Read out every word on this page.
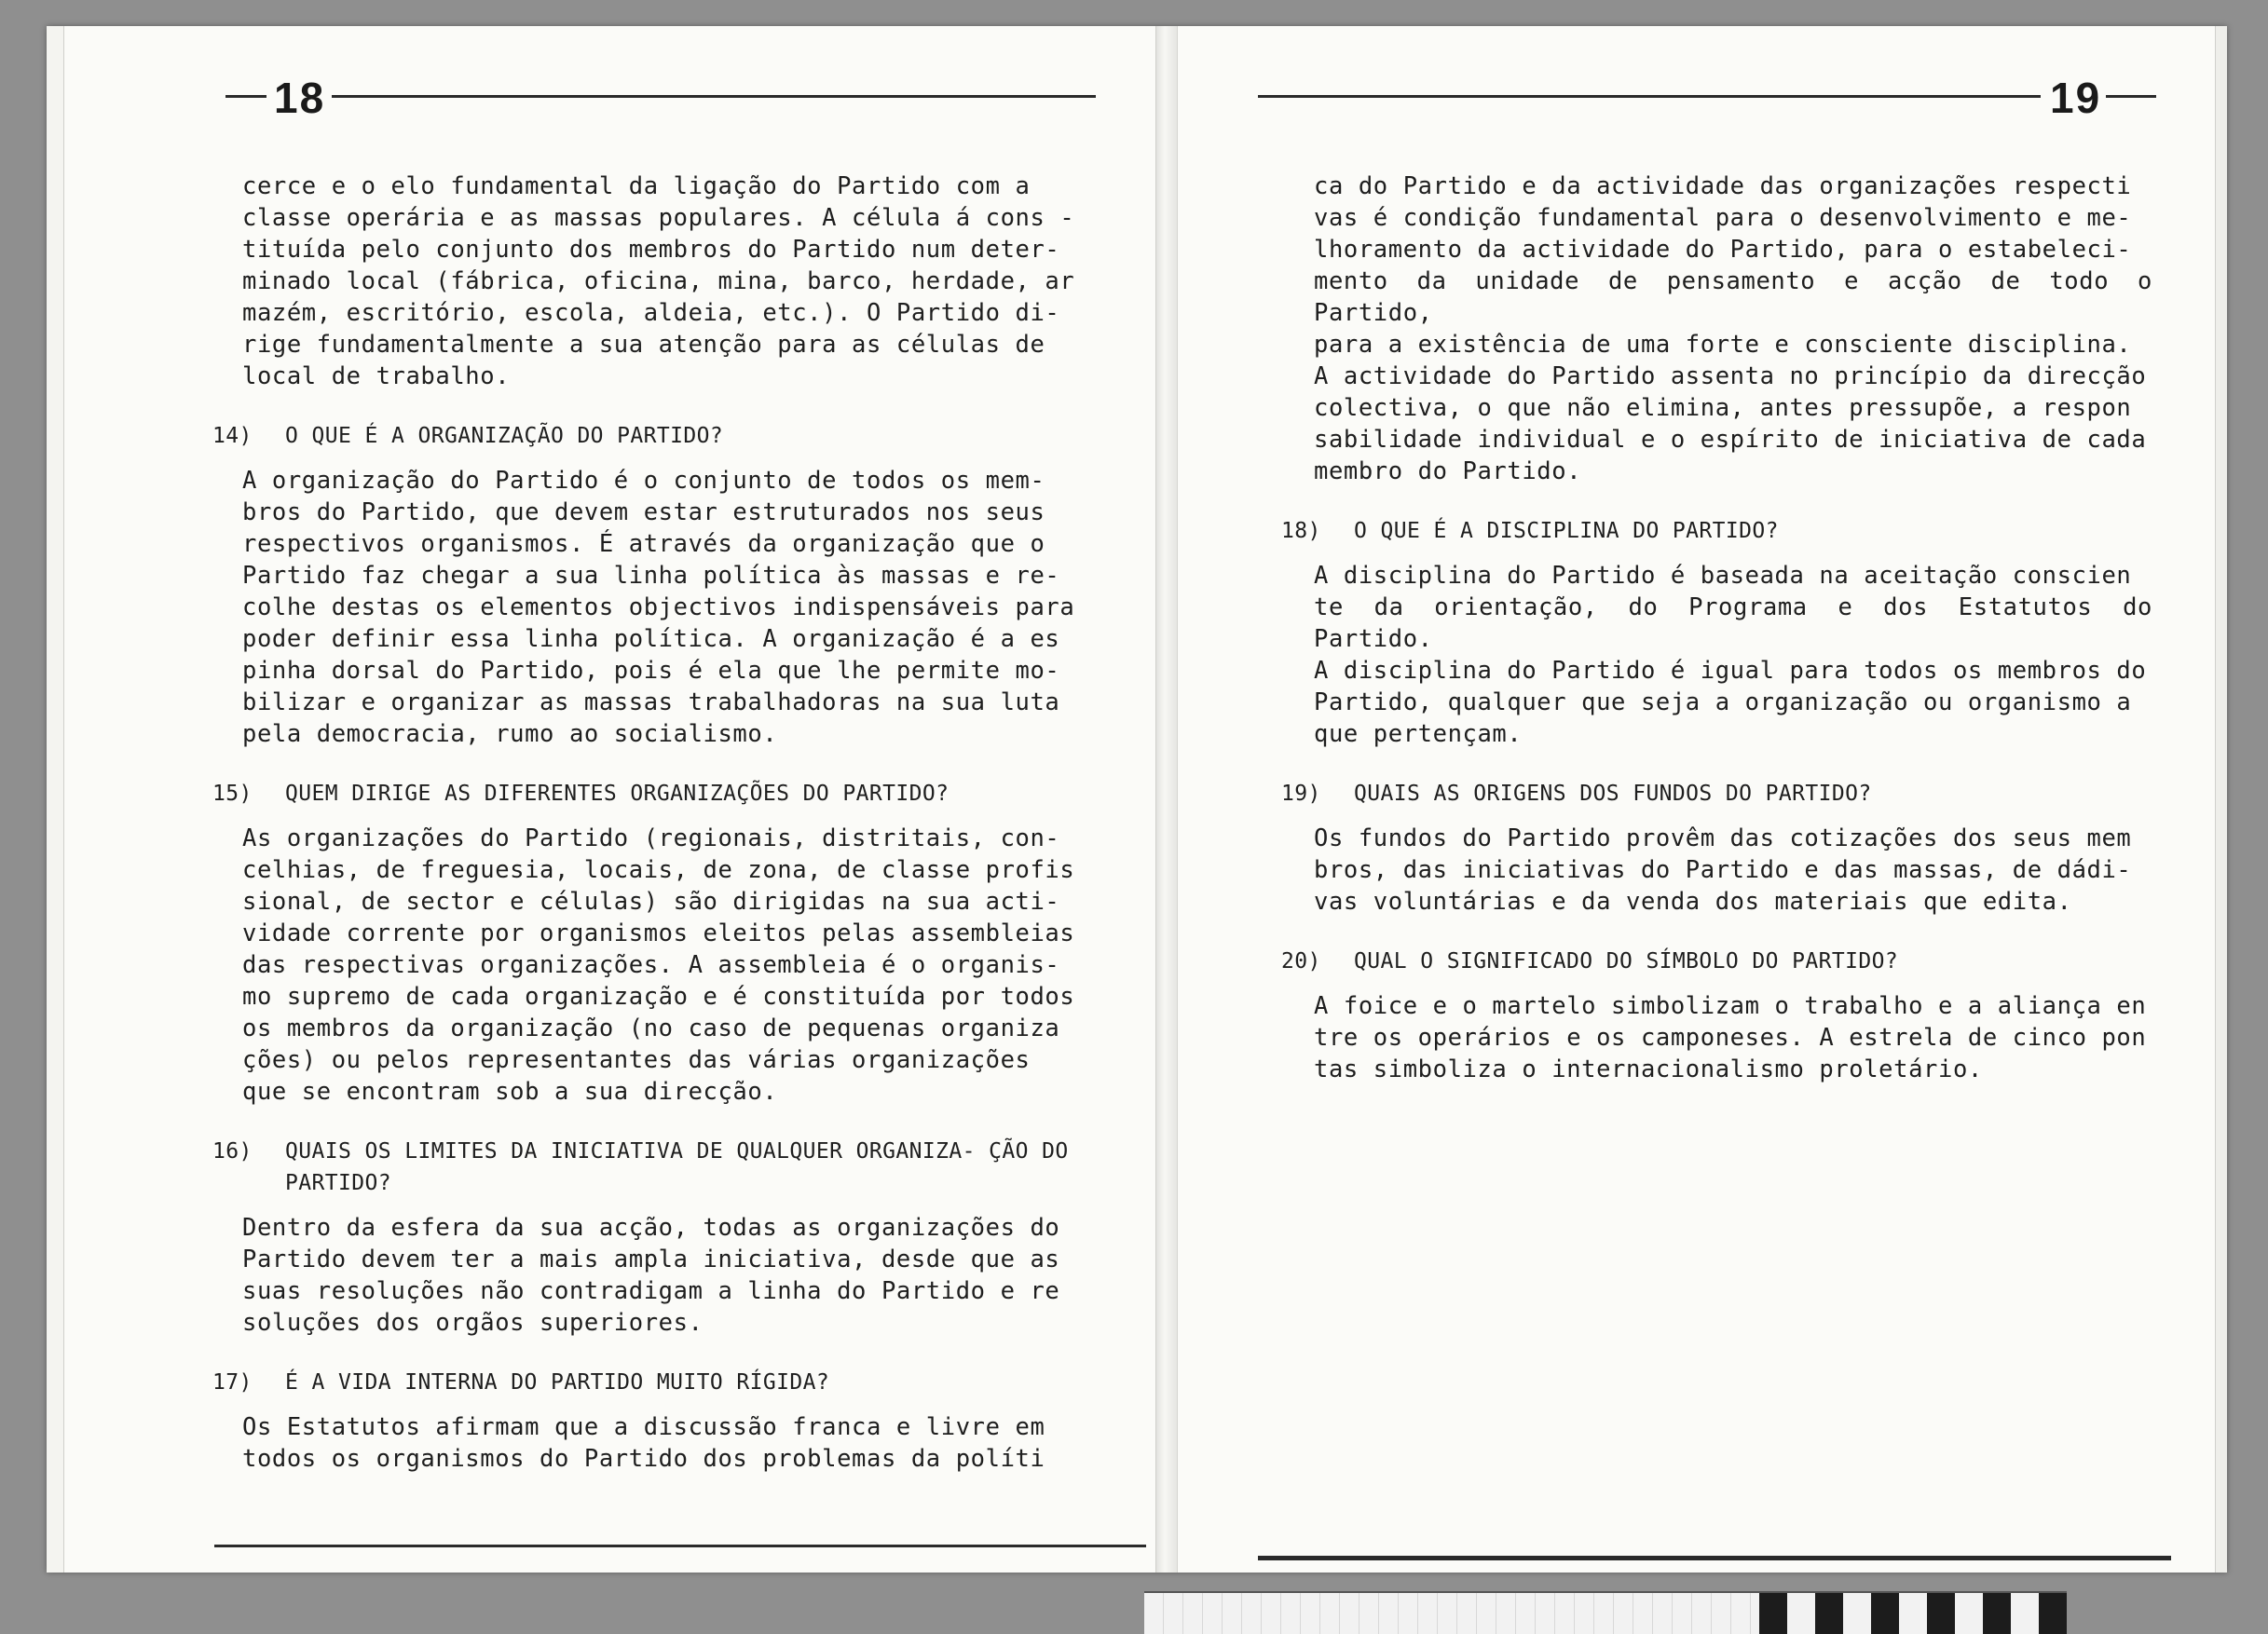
18
cerce e o elo fundamental da ligação do Partido com a
classe operária e as massas populares. A célula á cons -
tituída pelo conjunto dos membros do Partido num deter-
minado local (fábrica, oficina, mina, barco, herdade, ar
mazém, escritório, escola, aldeia, etc.). O Partido di-
rige fundamentalmente a sua atenção para as células de
local de trabalho.
14)	O QUE É A ORGANIZAÇÃO DO PARTIDO?
A organização do Partido é o conjunto de todos os mem-
bros do Partido, que devem estar estruturados nos seus
respectivos organismos. É através da organização que o
Partido faz chegar a sua linha política às massas e re-
colhe destas os elementos objectivos indispensáveis para
poder definir essa linha política. A organização é a es
pinha dorsal do Partido, pois é ela que lhe permite mo-
bilizar e organizar as massas trabalhadoras na sua luta
pela democracia, rumo ao socialismo.
15)	QUEM DIRIGE AS DIFERENTES ORGANIZAÇÕES DO PARTIDO?
As organizações do Partido (regionais, distritais, con-
celhias, de freguesia, locais, de zona, de classe profis
sional, de sector e células) são dirigidas na sua acti-
vidade corrente por organismos eleitos pelas assembleias
das respectivas organizações. A assembleia é o organis-
mo supremo de cada organização e é constituída por todos
os membros da organização (no caso de pequenas organiza
ções) ou pelos representantes das várias organizações
que se encontram sob a sua direcção.
16)	QUAIS OS LIMITES DA INICIATIVA DE QUALQUER ORGANIZA- ÇÃO DO PARTIDO?
Dentro da esfera da sua acção, todas as organizações do
Partido devem ter a mais ampla iniciativa, desde que as
suas resoluções não contradigam a linha do Partido e re
soluções dos orgãos superiores.
17)	É A VIDA INTERNA DO PARTIDO MUITO RÍGIDA?
Os Estatutos afirmam que a discussão franca e livre em
todos os organismos do Partido dos problemas da políti
19
ca do Partido e da actividade das organizações respecti
vas é condição fundamental para o desenvolvimento e me-
lhoramento da actividade do Partido, para o estabeleci-
mento da unidade de pensamento e acção de todo o Partido,
para a existência de uma forte e consciente disciplina.
A actividade do Partido assenta no princípio da direcção
colectiva, o que não elimina, antes pressupõe, a respon
sabilidade individual e o espírito de iniciativa de cada
membro do Partido.
18)	O QUE É A DISCIPLINA DO PARTIDO?
A disciplina do Partido é baseada na aceitação conscien
te da orientação, do Programa e dos Estatutos do Partido.
A disciplina do Partido é igual para todos os membros do
Partido, qualquer que seja a organização ou organismo a
que pertençam.
19)	QUAIS AS ORIGENS DOS FUNDOS DO PARTIDO?
Os fundos do Partido provêm das cotizações dos seus mem
bros, das iniciativas do Partido e das massas, de dádi-
vas voluntárias e da venda dos materiais que edita.
20)	QUAL O SIGNIFICADO DO SÍMBOLO DO PARTIDO?
A foice e o martelo simbolizam o trabalho e a aliança en
tre os operários e os camponeses. A estrela de cinco pon
tas simboliza o internacionalismo proletário.
